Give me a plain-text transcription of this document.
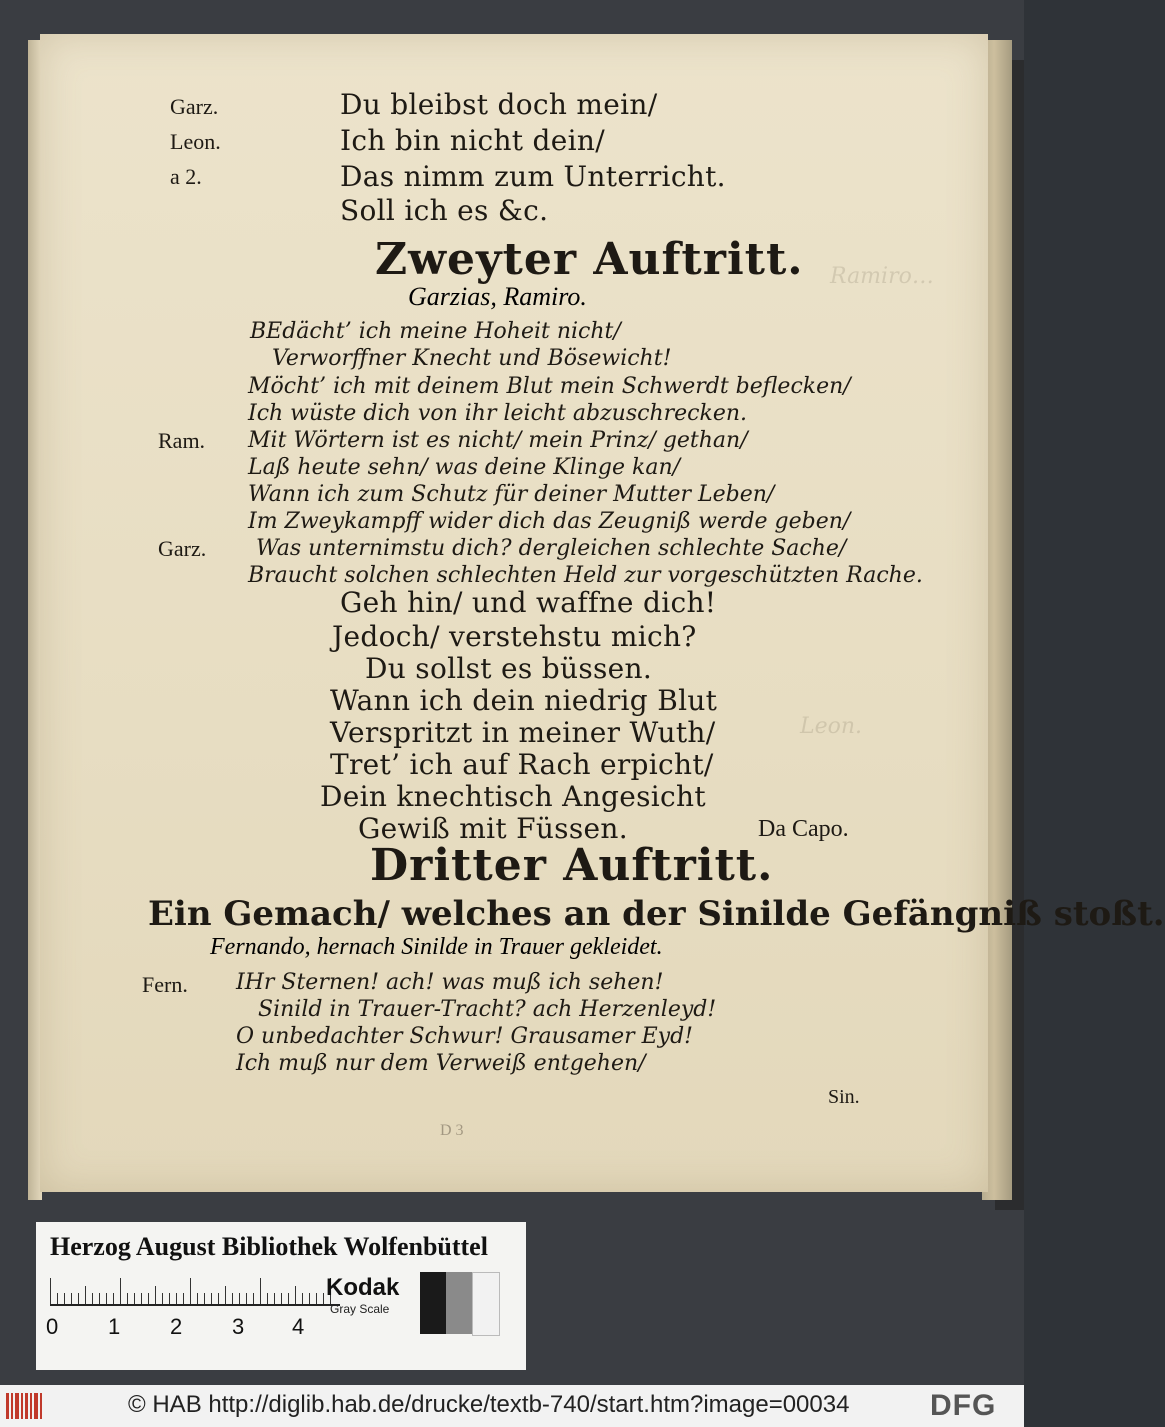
Ramiro…
Leon.
Garz.	Du bleibst doch mein/
Leon.	Ich bin nicht dein/
a 2.	Das nimm zum Unterricht.
Soll ich es &c.
Zweyter Auftritt.
Garzias, Ramiro.
BEdächt’ ich meine Hoheit nicht/
Verworffner Knecht und Bösewicht!
Möcht’ ich mit deinem Blut mein Schwerdt beflecken/
Ich wüste dich von ihr leicht abzuschrecken.
Ram. Mit Wörtern ist es nicht/ mein Prinz/ gethan/
Laß heute sehn/ was deine Klinge kan/
Wann ich zum Schutz für deiner Mutter Leben/
Im Zweykampff wider dich das Zeugniß werde geben/
Garz. Was unternimstu dich? dergleichen schlechte Sache/
Braucht solchen schlechten Held zur vorgeschützten Rache.
Geh hin/ und waffne dich!
Jedoch/ verstehstu mich?
Du sollst es büssen.
Wann ich dein niedrig Blut
Verspritzt in meiner Wuth/
Tret’ ich auf Rach erpicht/
Dein knechtisch Angesicht
Gewiß mit Füssen.	Da Capo.
Dritter Auftritt.
Ein Gemach/ welches an der Sinilde Gefängniß stoßt.
Fernando, hernach Sinilde in Trauer gekleidet.
Fern. IHr Sternen! ach! was muß ich sehen!
Sinild in Trauer-Tracht? ach Herzenleyd!
O unbedachter Schwur! Grausamer Eyd!
Ich muß nur dem Verweiß entgehen/
Sin.
D 3
Herzog August Bibliothek Wolfenbüttel
0 1 2 3 4
Kodak
Gray Scale
© HAB http://diglib.hab.de/drucke/textb-740/start.htm?image=00034	DFG
